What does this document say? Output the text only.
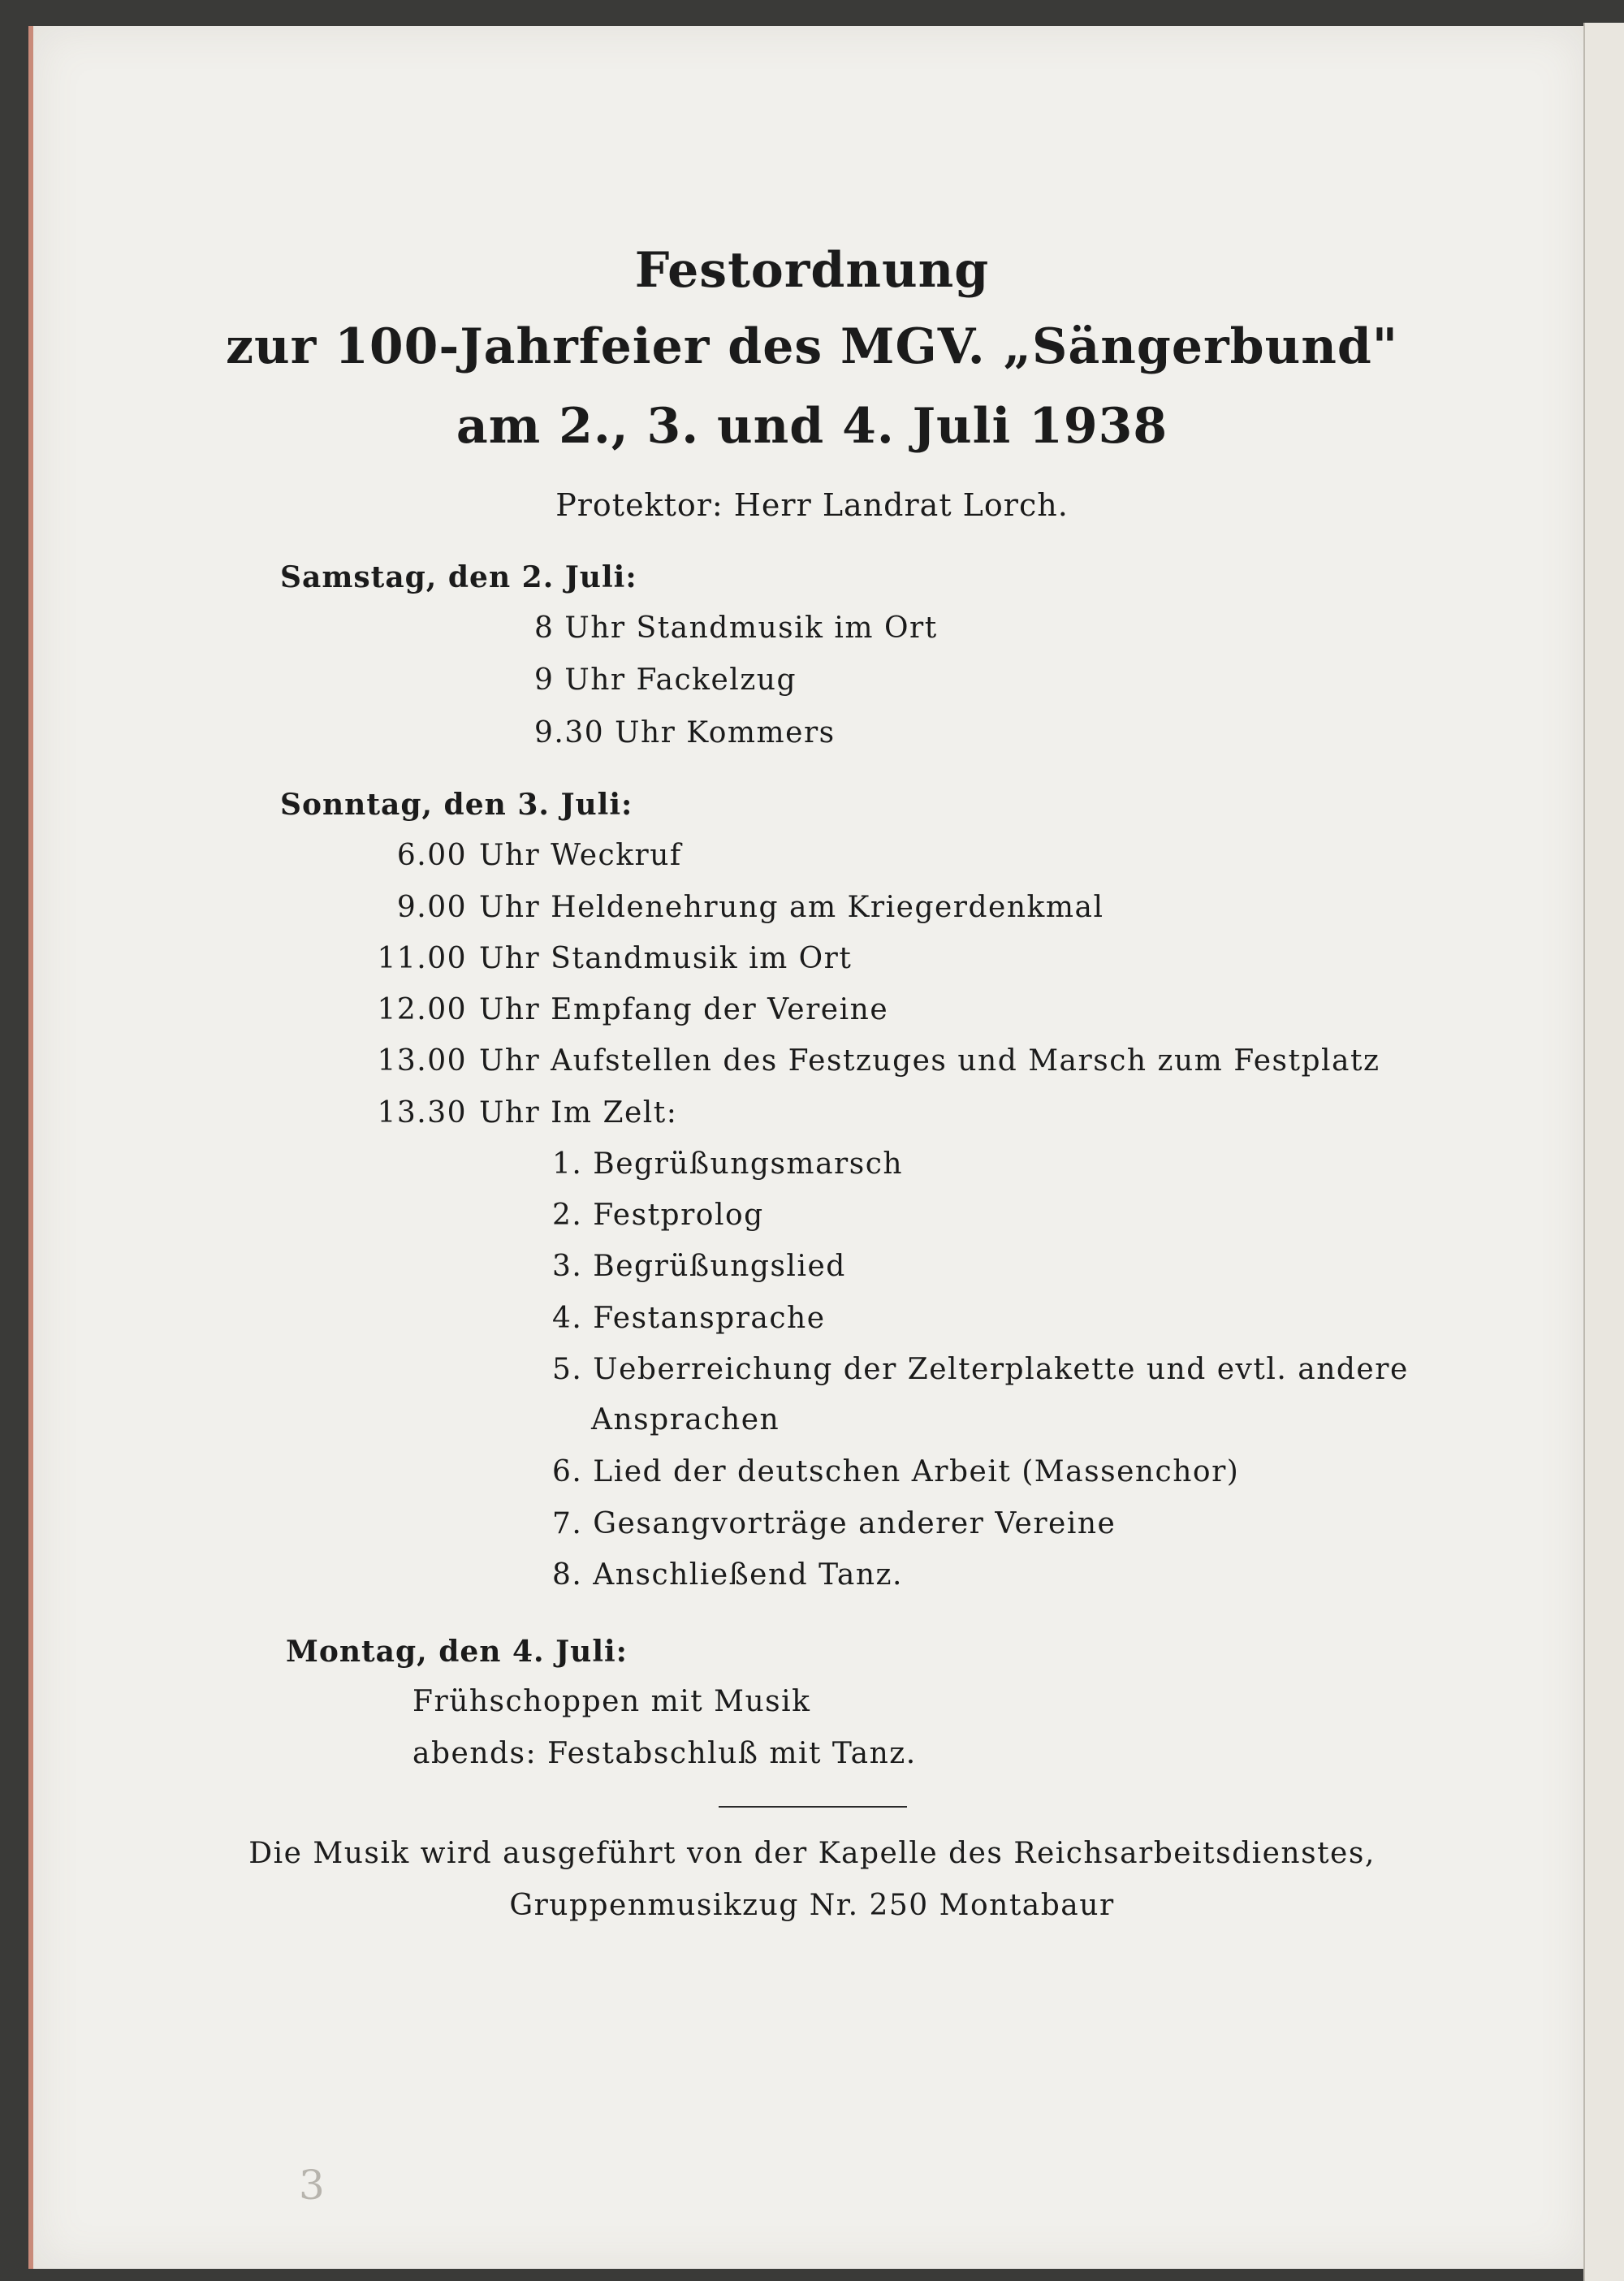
Festordnung
zur 100-Jahrfeier des MGV. „Sängerbund"
am 2., 3. und 4. Juli 1938
Protektor: Herr Landrat Lorch.
Samstag, den 2. Juli:
8 Uhr Standmusik im Ort
9 Uhr Fackelzug
9.30 Uhr Kommers
Sonntag, den 3. Juli:
6.00 Uhr Weckruf
9.00 Uhr Heldenehrung am Kriegerdenkmal
11.00 Uhr Standmusik im Ort
12.00 Uhr Empfang der Vereine
13.00 Uhr Aufstellen des Festzuges und Marsch zum Festplatz
13.30 Uhr Im Zelt:
1. Begrüßungsmarsch
2. Festprolog
3. Begrüßungslied
4. Festansprache
5. Ueberreichung der Zelterplakette und evtl. andere
Ansprachen
6. Lied der deutschen Arbeit (Massenchor)
7. Gesangvorträge anderer Vereine
8. Anschließend Tanz.
Montag, den 4. Juli:
Frühschoppen mit Musik
abends: Festabschluß mit Tanz.
Die Musik wird ausgeführt von der Kapelle des Reichsarbeitsdienstes,
Gruppenmusikzug Nr. 250 Montabaur
3
